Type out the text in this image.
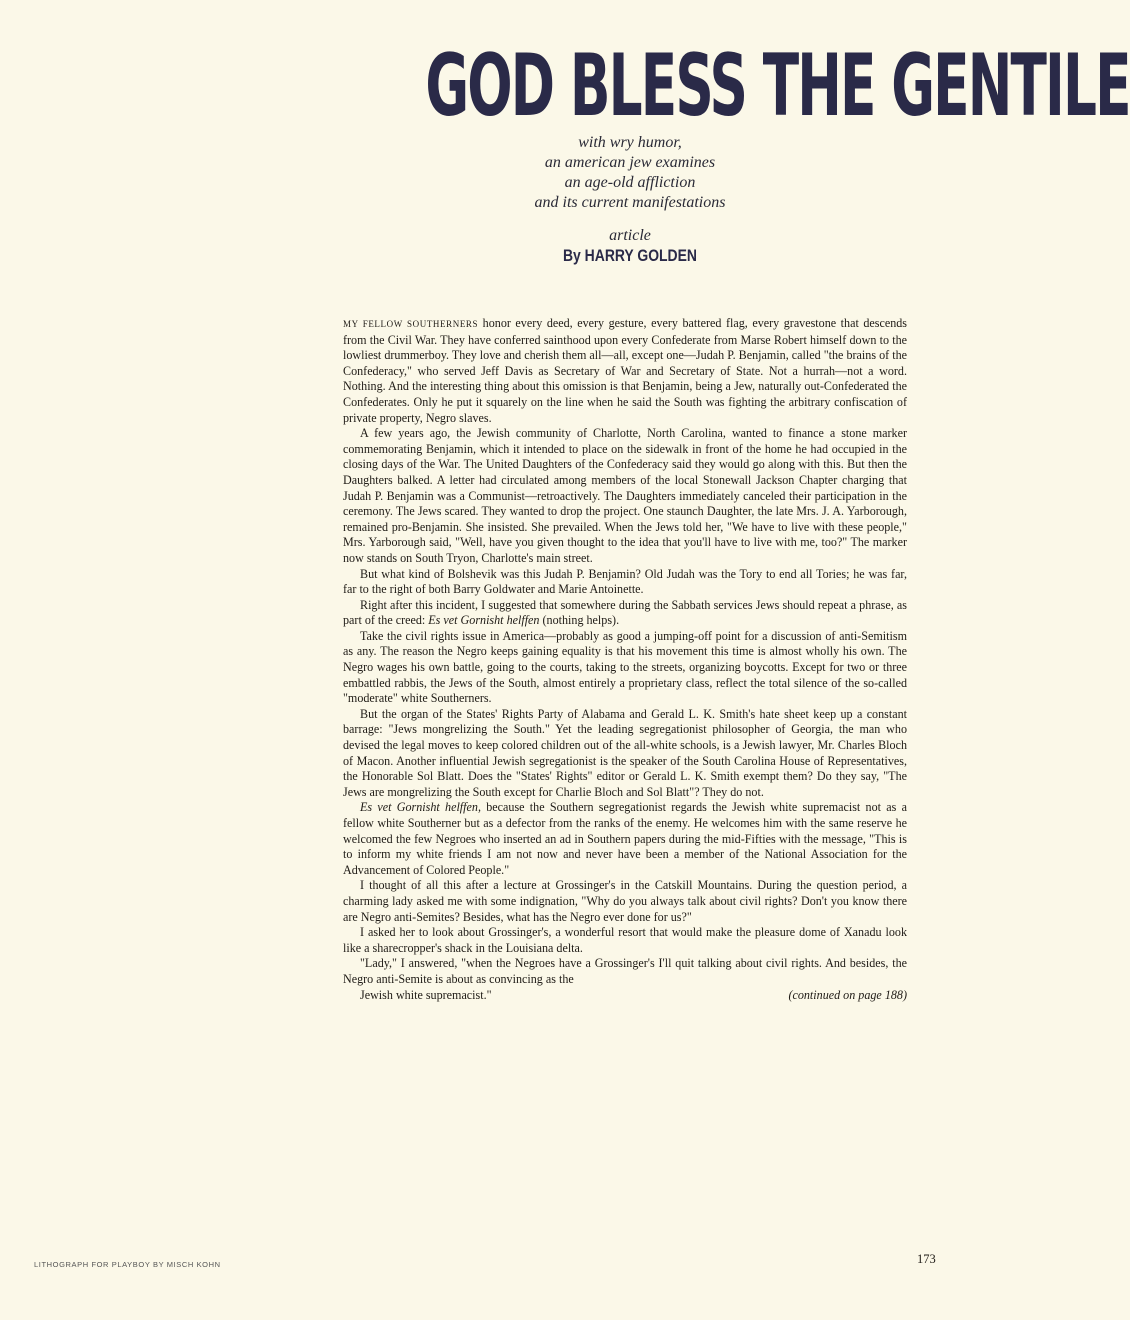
GOD BLESS THE GENTILE
with wry humor,
an american jew examines
an age-old affliction
and its current manifestations
article
By HARRY GOLDEN

MY FELLOW SOUTHERNERS honor every deed, every gesture, every battered flag, every gravestone that descends from the Civil War. They have conferred sainthood upon every Confederate from Marse Robert himself down to the lowliest drummerboy. They love and cherish them all—all, except one—Judah P. Benjamin, called "the brains of the Confederacy," who served Jeff Davis as Secretary of War and Secretary of State. Not a hurrah—not a word. Nothing. And the interesting thing about this omission is that Benjamin, being a Jew, naturally out-Confederated the Confederates. Only he put it squarely on the line when he said the South was fighting the arbitrary confiscation of private property, Negro slaves.

A few years ago, the Jewish community of Charlotte, North Carolina, wanted to finance a stone marker commemorating Benjamin, which it intended to place on the sidewalk in front of the home he had occupied in the closing days of the War. The United Daughters of the Confederacy said they would go along with this. But then the Daughters balked. A letter had circulated among members of the local Stonewall Jackson Chapter charging that Judah P. Benjamin was a Communist—retroactively. The Daughters immediately canceled their participation in the ceremony. The Jews scared. They wanted to drop the project. One staunch Daughter, the late Mrs. J. A. Yarborough, remained pro-Benjamin. She insisted. She prevailed. When the Jews told her, "We have to live with these people," Mrs. Yarborough said, "Well, have you given thought to the idea that you'll have to live with me, too?" The marker now stands on South Tryon, Charlotte's main street.

But what kind of Bolshevik was this Judah P. Benjamin? Old Judah was the Tory to end all Tories; he was far, far to the right of both Barry Goldwater and Marie Antoinette.

Right after this incident, I suggested that somewhere during the Sabbath services Jews should repeat a phrase, as part of the creed: Es vet Gornisht helffen (nothing helps).

Take the civil rights issue in America—probably as good a jumping-off point for a discussion of anti-Semitism as any. The reason the Negro keeps gaining equality is that his movement this time is almost wholly his own. The Negro wages his own battle, going to the courts, taking to the streets, organizing boycotts. Except for two or three embattled rabbis, the Jews of the South, almost entirely a proprietary class, reflect the total silence of the so-called "moderate" white Southerners.

But the organ of the States' Rights Party of Alabama and Gerald L. K. Smith's hate sheet keep up a constant barrage: "Jews mongrelizing the South." Yet the leading segregationist philosopher of Georgia, the man who devised the legal moves to keep colored children out of the all-white schools, is a Jewish lawyer, Mr. Charles Bloch of Macon. Another influential Jewish segregationist is the speaker of the South Carolina House of Representatives, the Honorable Sol Blatt. Does the "States' Rights" editor or Gerald L. K. Smith exempt them? Do they say, "The Jews are mongrelizing the South except for Charlie Bloch and Sol Blatt"? They do not.

Es vet Gornisht helffen, because the Southern segregationist regards the Jewish white supremacist not as a fellow white Southerner but as a defector from the ranks of the enemy. He welcomes him with the same reserve he welcomed the few Negroes who inserted an ad in Southern papers during the mid-Fifties with the message, "This is to inform my white friends I am not now and never have been a member of the National Association for the Advancement of Colored People."

I thought of all this after a lecture at Grossinger's in the Catskill Mountains. During the question period, a charming lady asked me with some indignation, "Why do you always talk about civil rights? Don't you know there are Negro anti-Semites? Besides, what has the Negro ever done for us?"

I asked her to look about Grossinger's, a wonderful resort that would make the pleasure dome of Xanadu look like a sharecropper's shack in the Louisiana delta.

"Lady," I answered, "when the Negroes have a Grossinger's I'll quit talking about civil rights. And besides, the Negro anti-Semite is about as convincing as the

Jewish white supremacist."	(continued on page 188)

LITHOGRAPH FOR PLAYBOY BY MISCH KOHN	173
